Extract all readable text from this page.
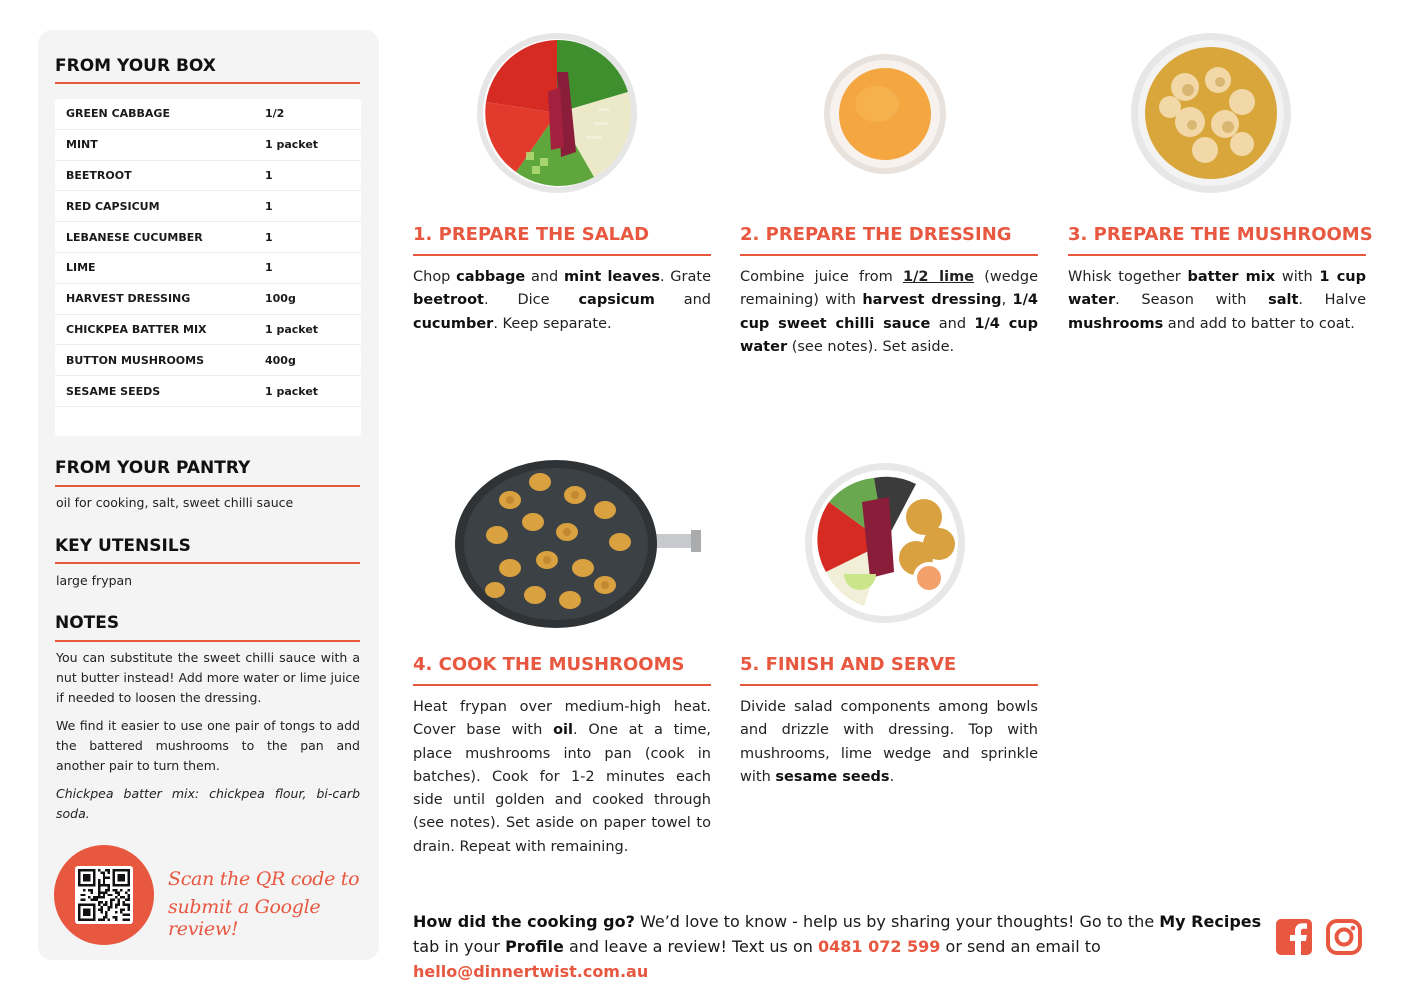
FROM YOUR BOX
GREEN CABBAGE	1/2
MINT	1 packet
BEETROOT	1
RED CAPSICUM	1
LEBANESE CUCUMBER	1
LIME	1
HARVEST DRESSING	100g
CHICKPEA BATTER MIX	1 packet
BUTTON MUSHROOMS	400g
SESAME SEEDS	1 packet
FROM YOUR PANTRY
oil for cooking, salt, sweet chilli sauce
KEY UTENSILS
large frypan
NOTES
You can substitute the sweet chilli sauce with a nut butter instead! Add more water or lime juice if needed to loosen the dressing.
We find it easier to use one pair of tongs to add the battered mushrooms to the pan and another pair to turn them.
Chickpea batter mix: chickpea flour, bi-carb soda.
Scan the QR code to
submit a Google review!
1. PREPARE THE SALAD
Chop cabbage and mint leaves. Grate beetroot. Dice capsicum and cucumber. Keep separate.
2. PREPARE THE DRESSING
Combine juice from 1/2 lime (wedge remaining) with harvest dressing, 1/4 cup sweet chilli sauce and 1/4 cup water (see notes). Set aside.
3. PREPARE THE MUSHROOMS
Whisk together batter mix with 1 cup water. Season with salt. Halve mushrooms and add to batter to coat.
4. COOK THE MUSHROOMS
Heat frypan over medium-high heat. Cover base with oil. One at a time, place mushrooms into pan (cook in batches). Cook for 1-2 minutes each side until golden and cooked through (see notes). Set aside on paper towel to drain. Repeat with remaining.
5. FINISH AND SERVE
Divide salad components among bowls and drizzle with dressing. Top with mushrooms, lime wedge and sprinkle with sesame seeds.
How did the cooking go? We’d love to know - help us by sharing your thoughts! Go to the My Recipes tab in your Profile and leave a review! Text us on 0481 072 599 or send an email to hello@dinnertwist.com.au
